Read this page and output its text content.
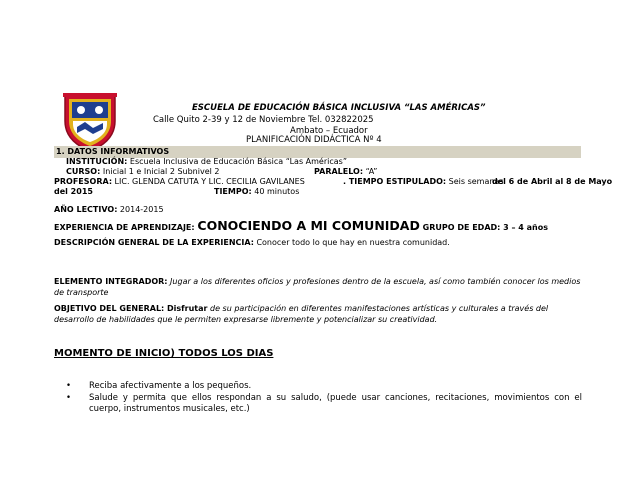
ESCUELA DE EDUCACIÓN BÁSICA INCLUSIVA “LAS AMÉRICAS”
Calle Quito 2-39 y 12 de Noviembre Tel. 032822025
Ambato – Ecuador
PLANIFICACIÓN DIDÁCTICA Nº 4
1. DATOS INFORMATIVOS
INSTITUCIÓN: Escuela Inclusiva de Educación Básica “Las Américas”
CURSO: Inicial 1 e Inicial 2 Subnivel 2	PARALELO: “A”
PROFESORA: LIC. GLENDA CATUTA Y LIC. CECILIA GAVILANES	. TIEMPO ESTIPULADO: Seis semanas
del 6 de Abril al 8 de Mayo
del 2015	TIEMPO: 40 minutos
AÑO LECTIVO: 2014-2015
EXPERIENCIA DE APRENDIZAJE: CONOCIENDO A MI COMUNIDAD GRUPO DE EDAD: 3 – 4 años
DESCRIPCIÓN GENERAL DE LA EXPERIENCIA: Conocer todo lo que hay en nuestra comunidad.
ELEMENTO INTEGRADOR: Jugar a los diferentes oficios y profesiones dentro de la escuela, así como también conocer los medios de transporte
OBJETIVO DEL GENERAL: Disfrutar de su participación en diferentes manifestaciones artísticas y culturales a través del desarrollo de habilidades que le permiten expresarse libremente y potencializar su creatividad.
MOMENTO DE INICIO) TODOS LOS DIAS
• Reciba afectivamente a los pequeños.
• Salude y permita que ellos respondan a su saludo, (puede usar canciones, recitaciones, movimientos con el cuerpo, instrumentos musicales, etc.)
